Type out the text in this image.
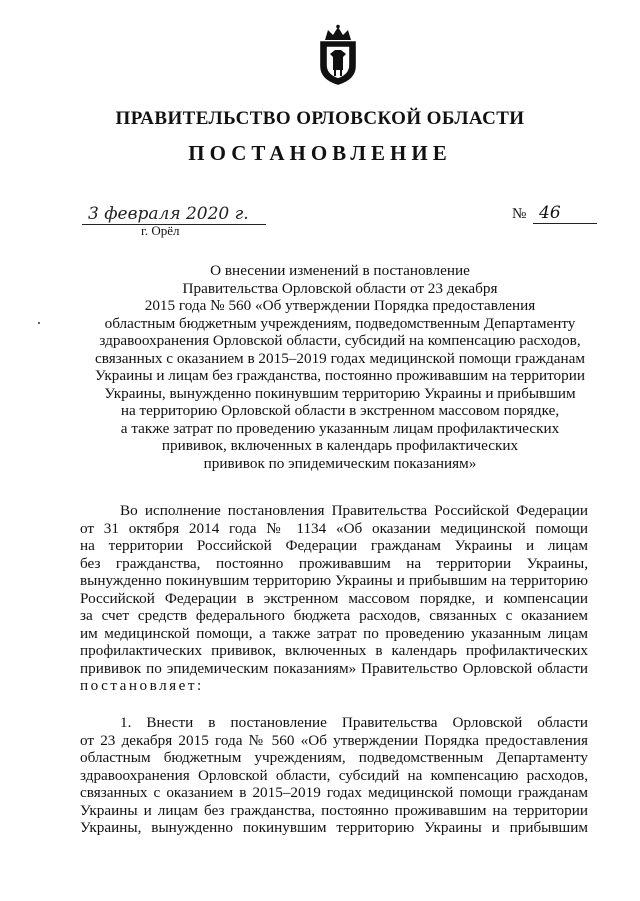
ПРАВИТЕЛЬСТВО ОРЛОВСКОЙ ОБЛАСТИ
ПОСТАНОВЛЕНИЕ
3 февраля 2020 г.
г. Орёл
№ 46
О внесении изменений в постановление
Правительства Орловской области от 23 декабря
2015 года № 560 «Об утверждении Порядка предоставления
областным бюджетным учреждениям, подведомственным Департаменту
здравоохранения Орловской области, субсидий на компенсацию расходов,
связанных с оказанием в 2015–2019 годах медицинской помощи гражданам
Украины и лицам без гражданства, постоянно проживавшим на территории
Украины, вынужденно покинувшим территорию Украины и прибывшим
на территорию Орловской области в экстренном массовом порядке,
а также затрат по проведению указанным лицам профилактических
прививок, включенных в календарь профилактических
прививок по эпидемическим показаниям»
Во исполнение постановления Правительства Российской Федерации
от 31 октября 2014 года № 1134 «Об оказании медицинской помощи
на территории Российской Федерации гражданам Украины и лицам
без гражданства, постоянно проживавшим на территории Украины,
вынужденно покинувшим территорию Украины и прибывшим на территорию
Российской Федерации в экстренном массовом порядке, и компенсации
за счет средств федерального бюджета расходов, связанных с оказанием
им медицинской помощи, а также затрат по проведению указанным лицам
профилактических прививок, включенных в календарь профилактических
прививок по эпидемическим показаниям» Правительство Орловской области
постановляет:
1. Внести в постановление Правительства Орловской области
от 23 декабря 2015 года № 560 «Об утверждении Порядка предоставления
областным бюджетным учреждениям, подведомственным Департаменту
здравоохранения Орловской области, субсидий на компенсацию расходов,
связанных с оказанием в 2015–2019 годах медицинской помощи гражданам
Украины и лицам без гражданства, постоянно проживавшим на территории
Украины, вынужденно покинувшим территорию Украины и прибывшим
